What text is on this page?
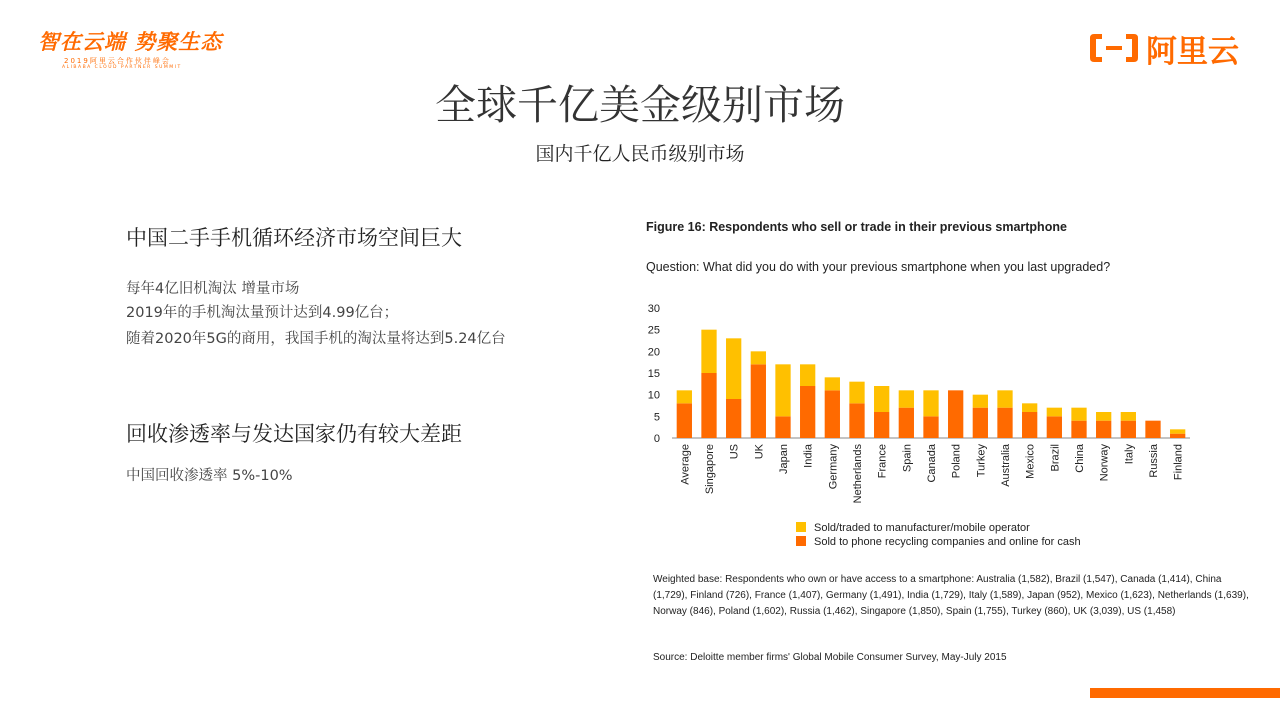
智在云端 势聚生态
2019阿里云合作伙伴峰会
ALIBABA CLOUD PARTNER SUMMIT	阿里云
全球千亿美金级别市场
国内千亿人民币级别市场
中国二手手机循环经济市场空间巨大
每年4亿旧机淘汰 增量市场
2019年的手机淘汰量预计达到4.99亿台；
随着2020年5G的商用，我国手机的淘汰量将达到5.24亿台
回收渗透率与发达国家仍有较大差距
中国回收渗透率 5%-10%
Figure 16: Respondents who sell or trade in their previous smartphone
Question: What did you do with your previous smartphone when you last upgraded?
0
5
10
15
20
25
30
Average Singapore US UK Japan India Germany Netherlands France Spain Canada Poland Turkey Australia Mexico Brazil China Norway Italy Russia Finland
Sold/traded to manufacturer/mobile operator
Sold to phone recycling companies and online for cash
Weighted base: Respondents who own or have access to a smartphone: Australia (1,582), Brazil (1,547), Canada (1,414), China (1,729), Finland (726), France (1,407), Germany (1,491), India (1,729), Italy (1,589), Japan (952), Mexico (1,623), Netherlands (1,639), Norway (846), Poland (1,602), Russia (1,462), Singapore (1,850), Spain (1,755), Turkey (860), UK (3,039), US (1,458)
Source: Deloitte member firms' Global Mobile Consumer Survey, May-July 2015
